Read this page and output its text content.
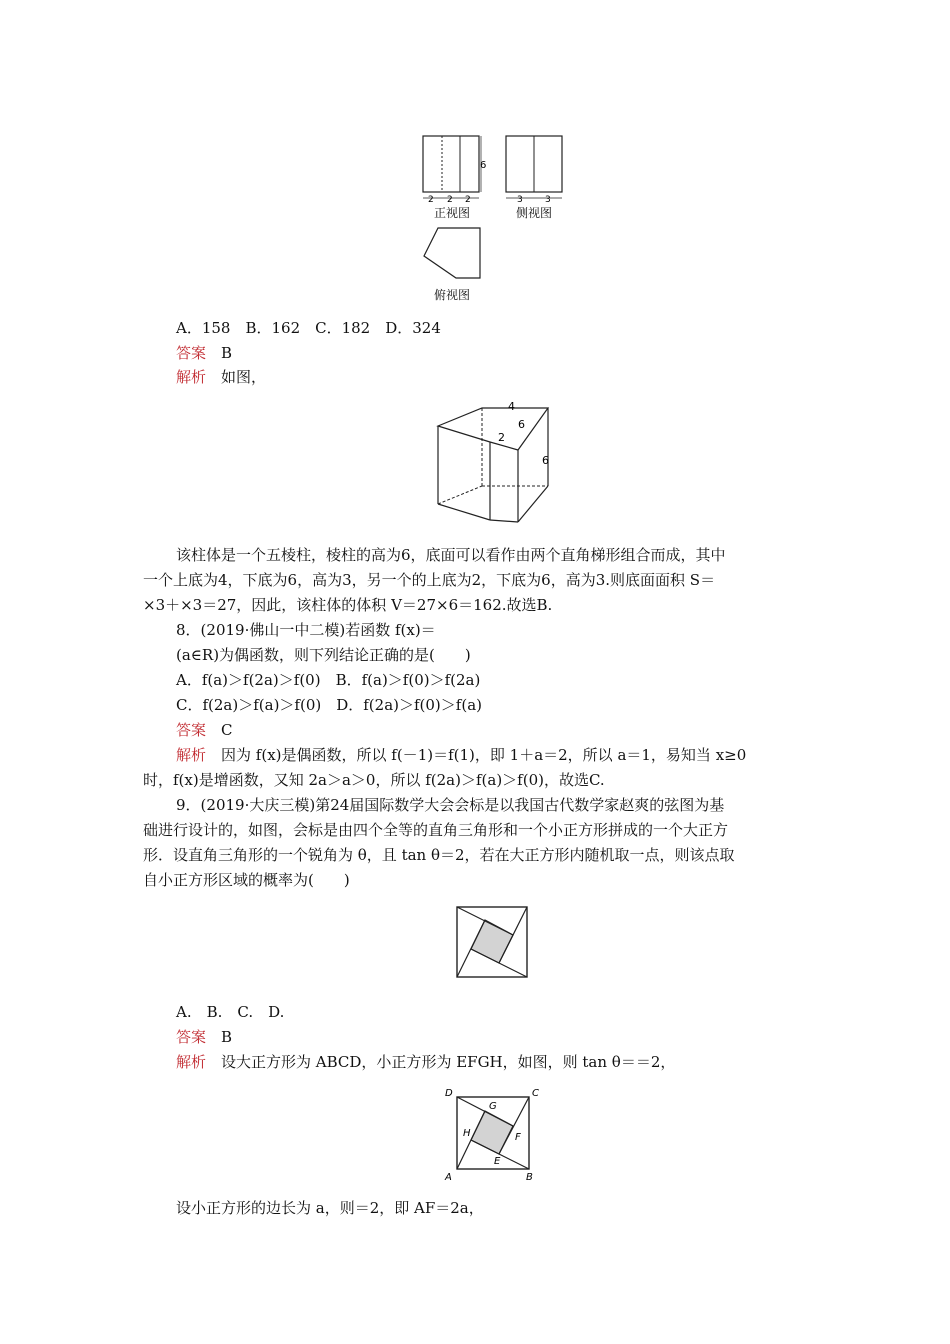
6
2 2 2	3 3
正视图	侧视图
俯视图
A．158　B．162　C．182　D．324
答案　 B
解析　 如图，
4
6
2
6
该柱体是一个五棱柱，棱柱的高为6，底面可以看作由两个直角梯形组合而成，其中
一个上底为4，下底为6，高为3，另一个的上底为2，下底为6，高为3.则底面面积 S＝
×3＋×3＝27，因此，该柱体的体积 V＝27×6＝162.故选B.
8．(2019·佛山一中二模)若函数 f(x)＝
(a∈R)为偶函数，则下列结论正确的是(　　)
A．f(a)＞f(2a)＞f(0)　B．f(a)＞f(0)＞f(2a)
C．f(2a)＞f(a)＞f(0)　D．f(2a)＞f(0)＞f(a)
答案　 C
解析　 因为 f(x)是偶函数，所以 f(－1)＝f(1)，即 1＋a＝2，所以 a＝1，易知当 x≥0
时，f(x)是增函数，又知 2a＞a＞0，所以 f(2a)＞f(a)＞f(0)，故选C.
9．(2019·大庆三模)第24届国际数学大会会标是以我国古代数学家赵爽的弦图为基
础进行设计的，如图，会标是由四个全等的直角三角形和一个小正方形拼成的一个大正方
形．设直角三角形的一个锐角为 θ，且 tan θ＝2，若在大正方形内随机取一点，则该点取
自小正方形区域的概率为(　　)
A.　B.　C.　D.
答案　 B
解析　 设大正方形为 ABCD，小正方形为 EFGH，如图，则 tan θ＝＝2，
D	C
A	B
G
F
E
H
设小正方形的边长为 a，则＝2，即 AF＝2a，
